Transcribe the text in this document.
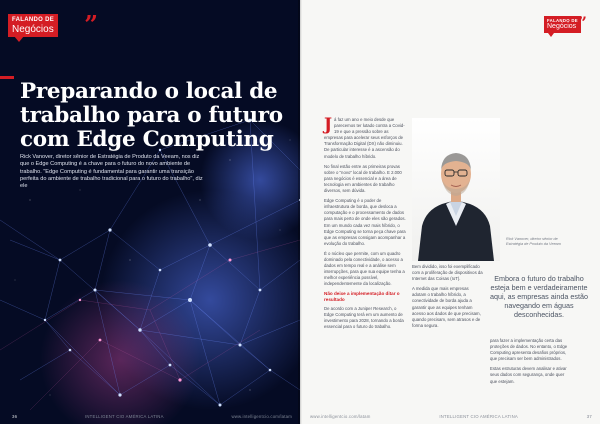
FALANDO DE
Negócios ”
Preparando o local de trabalho para o futuro com Edge Computing

Rick Vanover, diretor sênior de Estratégia de Produto da Veeam, nos diz que o Edge Computing é a chave para o futuro do novo ambiente de trabalho. "Edge Computing é fundamental para garantir uma transição perfeita do ambiente de trabalho tradicional para o futuro do trabalho", diz ele

36	INTELLIGENT CIO AMÉRICA LATINA	www.intelligentcio.com/latam
FALANDO DE
Negócios ”

J á faz um ano e meio desde que parecemos ter lutado contra a Covid-19 e que a pressão sobre as empresas para acelerar seus esforços de Transformação Digital (DX) não diminuiu. De particular interesse é a ascensão do modelo de trabalho híbrido.

No final estão entre as primeiras provas sobre o "novo" local de trabalho. E 2.000 para negócios é essencial e a área de tecnologia em ambientes de trabalho diversos, sem dúvida.

Edge Computing é o poder de infraestrutura de borda, que desloca a computação e o processamento de dados para mais perto de onde eles são gerados. Em um mundo cada vez mais híbrido, o Edge Computing se torna peça chave para que as empresas consigam acompanhar a evolução do trabalho.

É o núcleo que permite, com um quadro dominado pela conectividade, o acesso a dados em tempo real e a análise sem interrupções, para que sua equipe tenha a melhor experiência possível, independentemente da localização.

Não deixe a implementação ditar o resultado

De acordo com a Juniper Research, o Edge Computing terá em um aumento de investimento para 2028, tornando a borda essencial para o futuro do trabalho.

Rick Vanover, diretor sênior de Estratégia de Produto da Veeam

Bem dividido, isso foi exemplificado com a proliferação de dispositivos da Internet das Coisas (IoT).

A medida que mais empresas adotam o trabalho híbrido, a conectividade de borda ajuda a garantir que as equipes tenham acesso aos dados de que precisam, quando precisam, sem atrasos e de forma segura.

Embora o futuro do trabalho esteja bem e verdadeiramente aqui, as empresas ainda estão navegando em águas desconhecidas.

para fazer a implementação certa das proteções de dados. No entanto, o Edge Computing apresenta desafios próprios, que precisam ser bem administrados.

Estas estruturas devem analisar e ativar seus dados com segurança, onde quer que estejam.

www.intelligentcio.com/latam	INTELLIGENT CIO AMÉRICA LATINA	37
